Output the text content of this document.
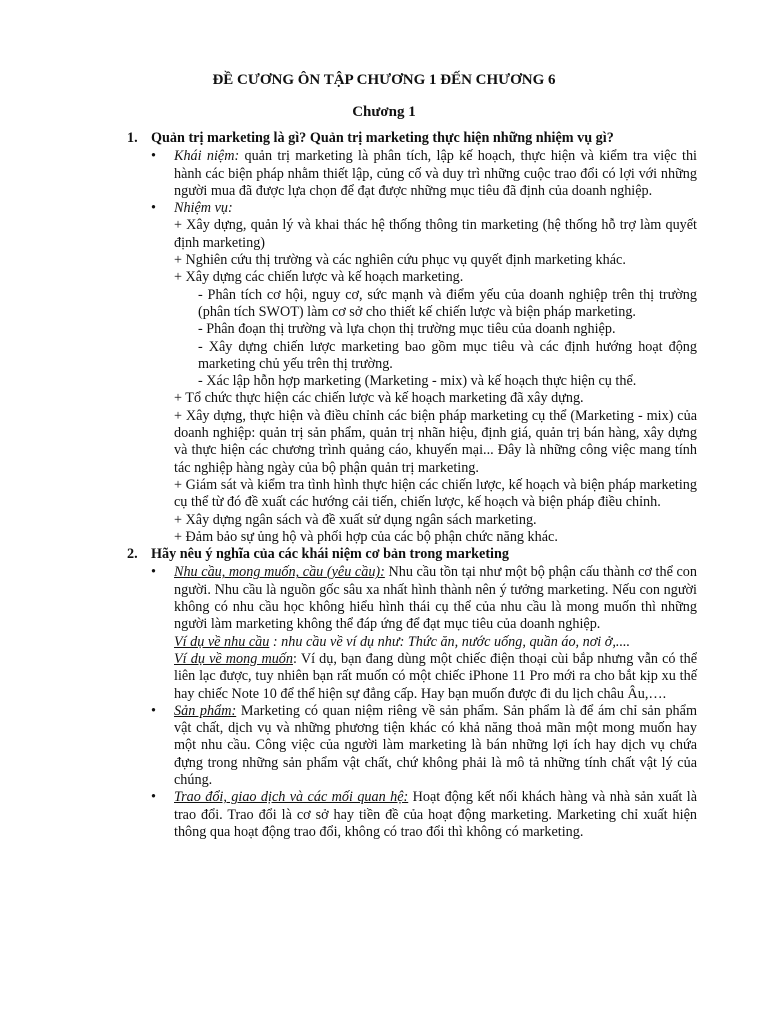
ĐỀ CƯƠNG ÔN TẬP CHƯƠNG 1 ĐẾN CHƯƠNG 6
Chương 1
1. Quản trị marketing là gì? Quản trị marketing thực hiện những nhiệm vụ gì?
• Khái niệm: quản trị marketing là phân tích, lập kế hoạch, thực hiện và kiểm tra việc thi hành các biện pháp nhằm thiết lập, củng cố và duy trì những cuộc trao đổi có lợi với những người mua đã được lựa chọn để đạt được những mục tiêu đã định của doanh nghiệp.
• Nhiệm vụ:
+ Xây dựng, quản lý và khai thác hệ thống thông tin marketing (hệ thống hỗ trợ làm quyết định marketing)
+ Nghiên cứu thị trường và các nghiên cứu phục vụ quyết định marketing khác.
+ Xây dựng các chiến lược và kế hoạch marketing.
- Phân tích cơ hội, nguy cơ, sức mạnh và điểm yếu của doanh nghiệp trên thị trường (phân tích SWOT) làm cơ sở cho thiết kế chiến lược và biện pháp marketing.
- Phân đoạn thị trường và lựa chọn thị trường mục tiêu của doanh nghiệp.
- Xây dựng chiến lược marketing bao gồm mục tiêu và các định hướng hoạt động marketing chủ yếu trên thị trường.
- Xác lập hỗn hợp marketing (Marketing - mix) và kế hoạch thực hiện cụ thể.
+ Tổ chức thực hiện các chiến lược và kế hoạch marketing đã xây dựng.
+ Xây dựng, thực hiện và điều chỉnh các biện pháp marketing cụ thể (Marketing - mix) của doanh nghiệp: quản trị sản phẩm, quản trị nhãn hiệu, định giá, quản trị bán hàng, xây dựng và thực hiện các chương trình quảng cáo, khuyến mại... Đây là những công việc mang tính tác nghiệp hàng ngày của bộ phận quản trị marketing.
+ Giám sát và kiểm tra tình hình thực hiện các chiến lược, kế hoạch và biện pháp marketing cụ thể từ đó đề xuất các hướng cải tiến, chiến lược, kế hoạch và biện pháp điều chỉnh.
+ Xây dựng ngân sách và đề xuất sử dụng ngân sách marketing.
+ Đảm bảo sự ủng hộ và phối hợp của các bộ phận chức năng khác.
2. Hãy nêu ý nghĩa của các khái niệm cơ bản trong marketing
• Nhu cầu, mong muốn, cầu (yêu cầu): Nhu cầu tồn tại như một bộ phận cấu thành cơ thể con người. Nhu cầu là nguồn gốc sâu xa nhất hình thành nên ý tưởng marketing. Nếu con người không có nhu cầu học không hiểu hình thái cụ thể của nhu cầu là mong muốn thì những người làm marketing không thể đáp ứng để đạt mục tiêu của doanh nghiệp.
Ví dụ về nhu cầu : nhu cầu về ví dụ như: Thức ăn, nước uống, quần áo, nơi ở,....
Ví dụ về mong muốn: Ví dụ, bạn đang dùng một chiếc điện thoại cùi bắp nhưng vẫn có thể liên lạc được, tuy nhiên bạn rất muốn có một chiếc iPhone 11 Pro mới ra cho bắt kịp xu thế hay chiếc Note 10 để thể hiện sự đẳng cấp. Hay bạn muốn được đi du lịch châu Âu,….
• Sản phẩm: Marketing có quan niệm riêng về sản phẩm. Sản phẩm là để ám chỉ sản phẩm vật chất, dịch vụ và những phương tiện khác có khả năng thoả mãn một mong muốn hay một nhu cầu. Công việc của người làm marketing là bán những lợi ích hay dịch vụ chứa đựng trong những sản phẩm vật chất, chứ không phải là mô tả những tính chất vật lý của chúng.
• Trao đổi, giao dịch và các mối quan hệ: Hoạt động kết nối khách hàng và nhà sản xuất là trao đổi. Trao đổi là cơ sở hay tiền đề của hoạt động marketing. Marketing chỉ xuất hiện thông qua hoạt động trao đổi, không có trao đổi thì không có marketing.
